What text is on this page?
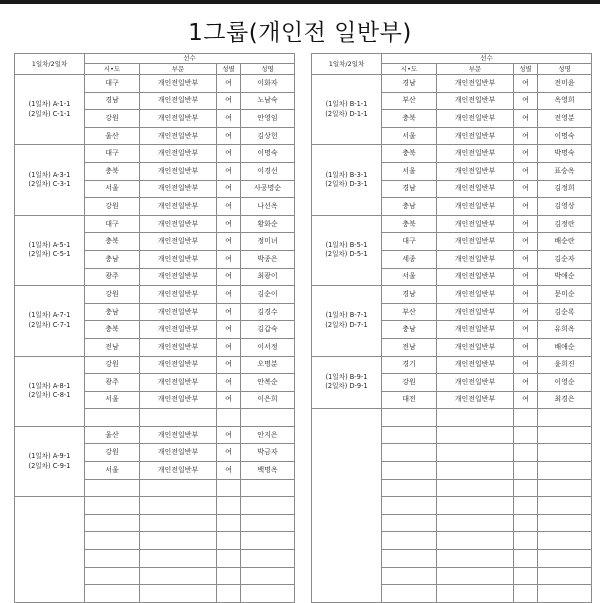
1그룹(개인전 일반부)
1일차/2일차	선수			
	시•도	부문	성별	성명

(1일차) A-1-1
(2일차) C-1-1	대구	개인전일반부	여	이화자
	경남	개인전일반부	여	노남숙
	강원	개인전일반부	여	안영임
	울산	개인전일반부	여	김상헌

(1일차) A-3-1
(2일차) C-3-1	대구	개인전일반부	여	이명숙
	충북	개인전일반부	여	이경선
	서울	개인전일반부	여	사공명순
	강원	개인전일반부	여	나선옥

(1일차) A-5-1
(2일차) C-5-1	대구	개인전일반부	여	황화순
	충북	개인전일반부	여	정미녀
	충남	개인전일반부	여	박종은
	광주	개인전일반부	여	최광이

(1일차) A-7-1
(2일차) C-7-1	강원	개인전일반부	여	김순이
	충남	개인전일반부	여	김경수
	충북	개인전일반부	여	김갑숙
	전남	개인전일반부	여	이서정

(1일차) A-8-1
(2일차) C-8-1	강원	개인전일반부	여	오명분
	광주	개인전일반부	여	안복순
	서울	개인전일반부	여	이은희

(1일차) A-9-1
(2일차) C-9-1	울산	개인전일반부	여	안지은
	강원	개인전일반부	여	박금자
	서울	개인전일반부	여	백명옥

1일차/2일차	선수			
	시•도	부문	성별	성명

(1일차) B-1-1
(2일차) D-1-1	경남	개인전일반부	여	전미윤
	부산	개인전일반부	여	옥영희
	충북	개인전일반부	여	전영분
	서울	개인전일반부	여	이명숙

(1일차) B-3-1
(2일차) D-3-1	충북	개인전일반부	여	박명숙
	서울	개인전일반부	여	표승옥
	경남	개인전일반부	여	김정희
	충남	개인전일반부	여	김영상

(1일차) B-5-1
(2일차) D-5-1	충북	개인전일반부	여	김정란
	대구	개인전일반부	여	배순란
	세종	개인전일반부	여	김순자
	서울	개인전일반부	여	박애순

(1일차) B-7-1
(2일차) D-7-1	경남	개인전일반부	여	문미순
	부산	개인전일반부	여	김순록
	충남	개인전일반부	여	유희옥
	전남	개인전일반부	여	배애순

(1일차) B-9-1
(2일차) D-9-1	경기	개인전일반부	여	윤희진
	강원	개인전일반부	여	이영순
	대전	개인전일반부	여	최경은
